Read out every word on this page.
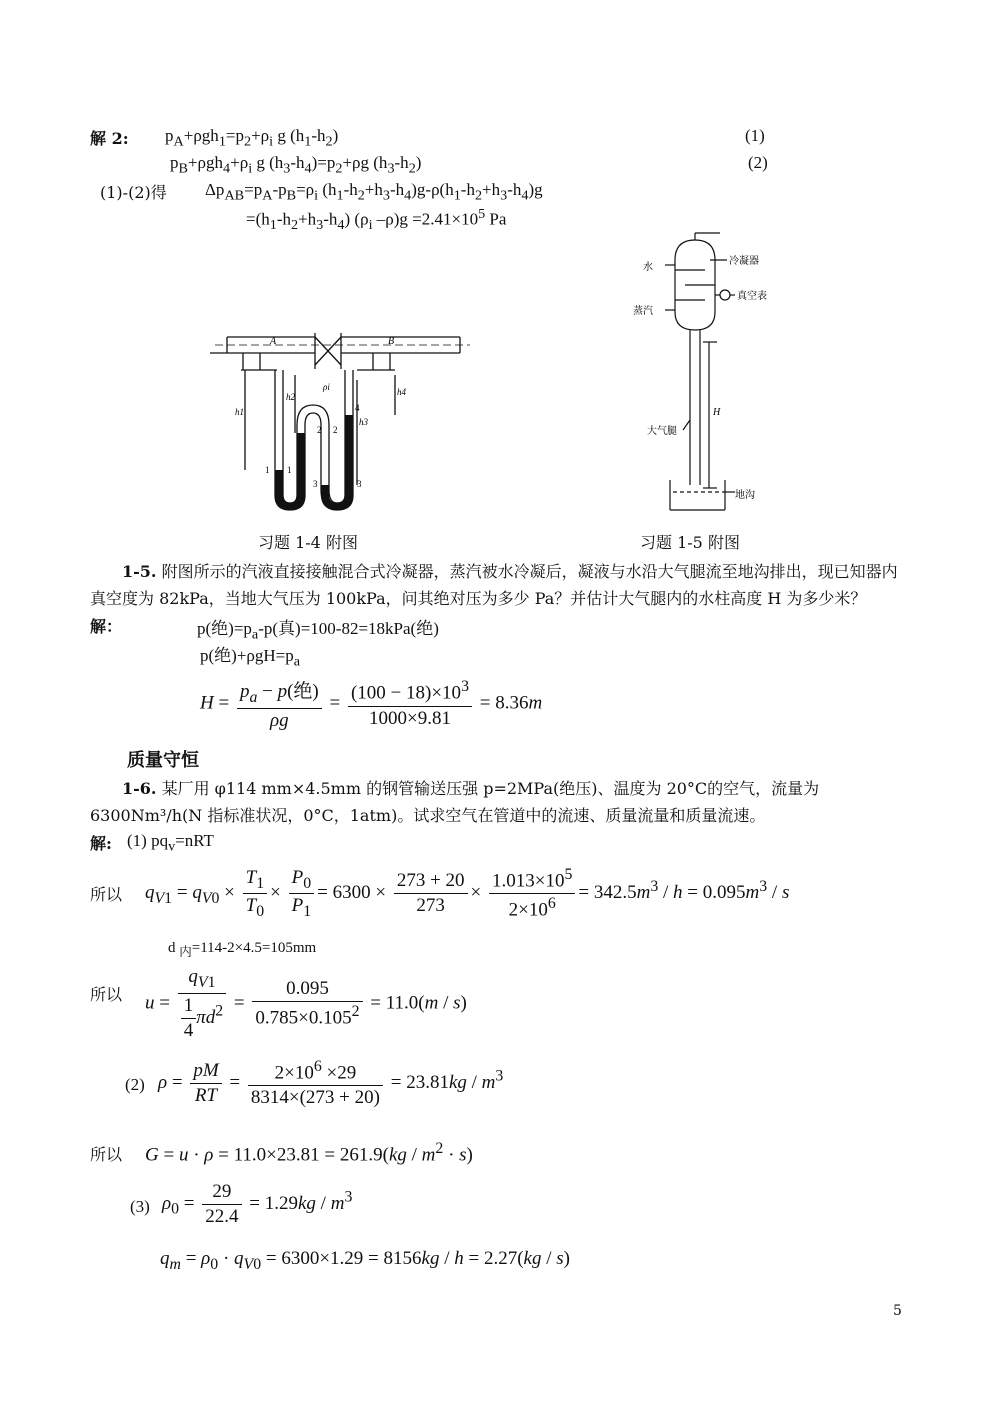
解 2: $p_A+\rho gh_1=p_2+\rho_i$ g $(h_1-h_2)$	(1)
$p_B+\rho gh_4+\rho_i$ g $(h_3-h_4)=p_2+\rho g$ $(h_3-h_2)$	(2)
(1)-(2)得 $\Delta p_{AB}=p_A-p_B=\rho_i$ $(h_1-h_2+h_3-h_4)g-\rho(h_1-h_2+h_3-h_4)g$
$=(h_1-h_2+h_3-h_4)$ ($\rho_i$ $-\rho)g =2.41\times 10^5$ Pa
A	B
h1
h2
h3
h4
ρi
1 1
2 2
3	3
4
习题 1-4 附图
水
冷凝器
真空表
蒸汽
大气腿
H
地沟
习题 1-5 附图
1-5. 附图所示的汽液直接接触混合式冷凝器，蒸汽被水冷凝后，凝液与水沿大气腿流至地沟排出，现已知器内真空度为 82kPa，当地大气压为 100kPa，问其绝对压为多少 Pa？并估计大气腿内的水柱高度 H 为多少米？
解：	p(绝)$=p_a-p$(真)=100-82=18kPa(绝)
p(绝)$+\rho gH=p_a$
$H = \frac{p_a - p(绝)}{\rho g} = \frac{(100 - 18)\times 10^3}{1000\times 9.81} = 8.36m$
质量守恒
1-6. 某厂用 φ114 mm×4.5mm 的钢管输送压强 p=2MPa(绝压)、温度为 20°C的空气，流量为 6300Nm³/h(N 指标准状况，0°C，1atm)。试求空气在管道中的流速、质量流量和质量流速。
解: (1) $pq_v=nRT$
所以 $q_{V1} = q_{V0} \times \frac{T_1}{T_0} \times \frac{P_0}{P_1} = 6300 \times \frac{273 + 20}{273} \times \frac{1.013\times 10^5}{2\times 10^6} = 342.5m^3 / h = 0.095m^3 / s$
d $_内$=114-2×4.5=105mm
所以 $u = \frac{q_{V1}}{\frac{1}{4} \pi d^2} = \frac{0.095}{0.785\times 0.105^2} = 11.0(m / s)$
(2) $\rho = \frac{pM}{RT} = \frac{2\times 10^6 \times 29}{8314\times(273 + 20)} = 23.81kg / m^3$
所以 $G = u \cdot \rho = 11.0\times 23.81 = 261.9(kg / m^2 \cdot s)$
(3) $\rho_0 = \frac{29}{22.4} = 1.29kg / m^3$
$q_m = \rho_0 \cdot q_{V0} = 6300\times 1.29 = 8156kg / h = 2.27(kg / s)$
5
